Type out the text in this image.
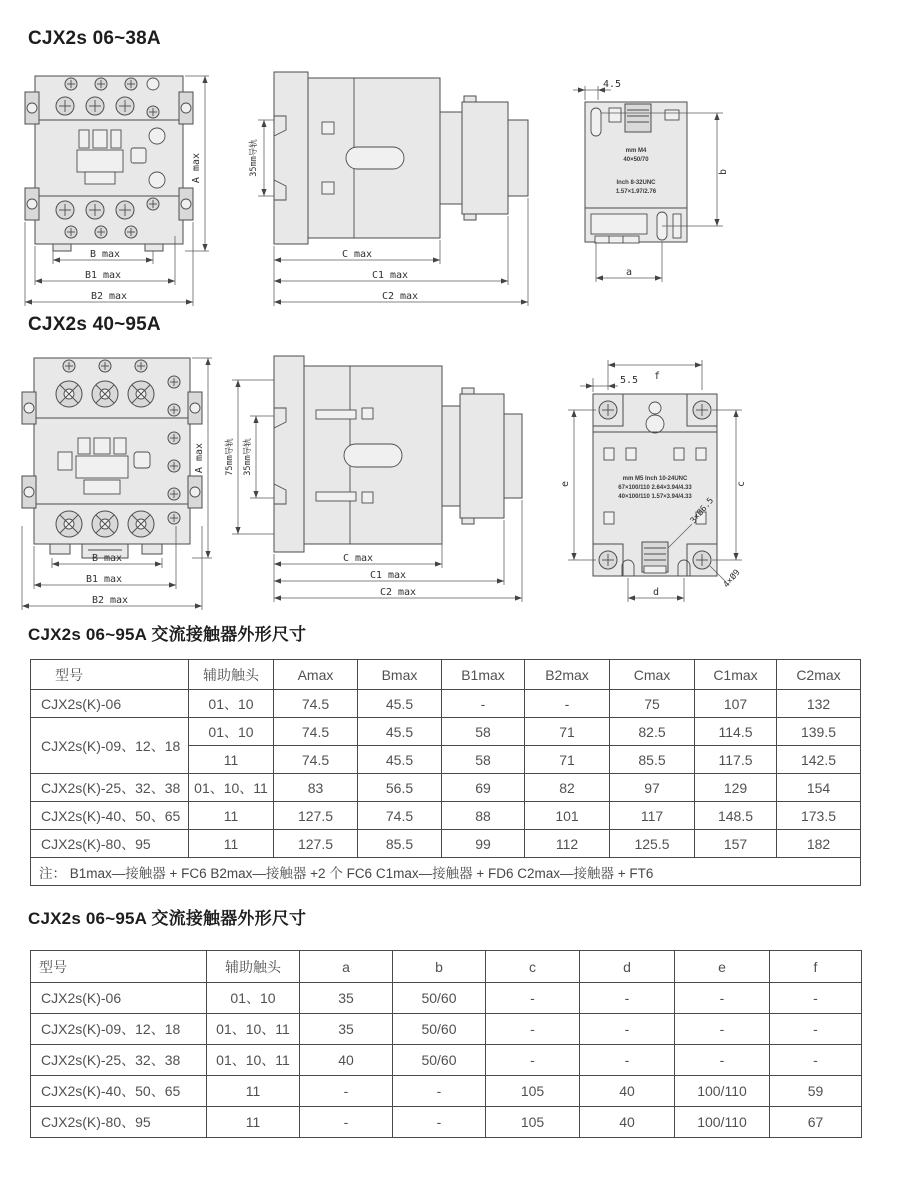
CJX2s 06~38A
A max
B max
B1 max
B2 max
35mm导轨
C max
C1 max
C2 max
mm M4
40×50/70
Inch 8-32UNC
1.57×1.97/2.76
4.5
b
a
CJX2s 40~95A
A max
B max
B1 max
B2 max
75mm导轨 35mm导轨
C max
C1 max
C2 max
mm M5 Inch 10-24UNC
67×100/110 2.64×3.94/4.33
40×100/110 1.57×3.94/4.33
f
5.5
e	c
d
3×Ø6.5
4×Ø9
CJX2s 06~95A 交流接触器外形尺寸
型号	辅助触头	Amax	Bmax	B1max	B2max	Cmax	C1max	C2max
CJX2s(K)-06	01、10	74.5	45.5	-	-	75	107	132
CJX2s(K)-09、12、18	01、10	74.5	45.5	58	71	82.5	114.5	139.5
	11	74.5	45.5	58	71	85.5	117.5	142.5
CJX2s(K)-25、32、38	01、10、11	83	56.5	69	82	97	129	154
CJX2s(K)-40、50、65	11	127.5	74.5	88	101	117	148.5	173.5
CJX2s(K)-80、95	11	127.5	85.5	99	112	125.5	157	182
注： B1max—接触器 + FC6 B2max—接触器 +2 个 FC6 C1max—接触器 + FD6 C2max—接触器 + FT6								
CJX2s 06~95A 交流接触器外形尺寸
型号	辅助触头	a	b	c	d	e	f
CJX2s(K)-06	01、10	35	50/60	-	-	-	-
CJX2s(K)-09、12、18	01、10、11	35	50/60	-	-	-	-
CJX2s(K)-25、32、38	01、10、11	40	50/60	-	-	-	-
CJX2s(K)-40、50、65	11	-	-	105	40	100/110	59
CJX2s(K)-80、95	11	-	-	105	40	100/110	67
